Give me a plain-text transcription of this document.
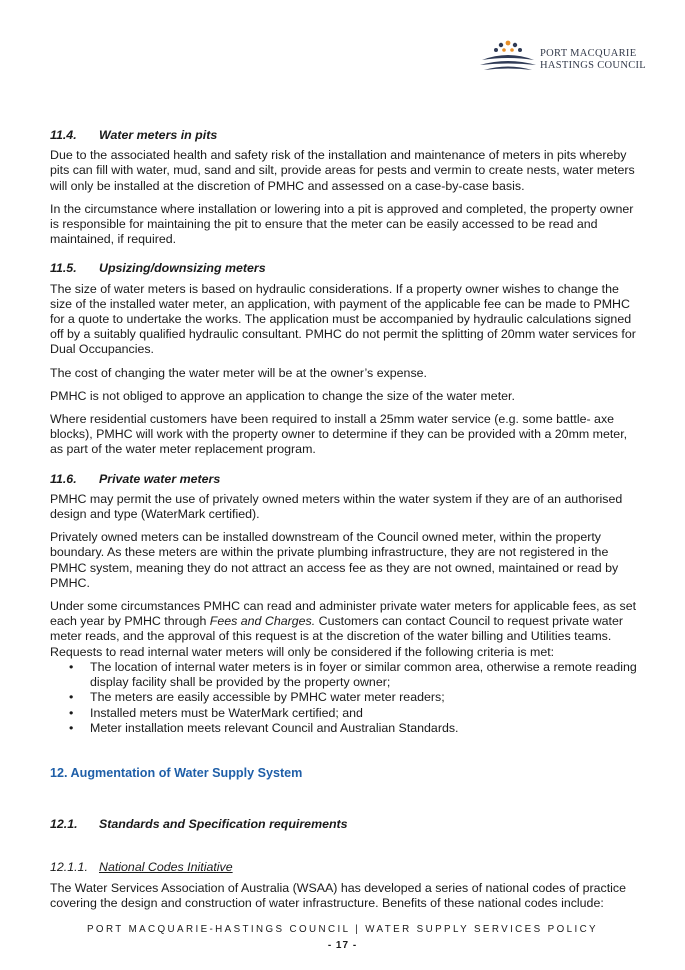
PORT MACQUARIE
HASTINGS COUNCIL
11.4.	Water meters in pits

Due to the associated health and safety risk of the installation and maintenance of meters in pits whereby pits can fill with water, mud, sand and silt, provide areas for pests and vermin to create nests, water meters will only be installed at the discretion of PMHC and assessed on a case-by-case basis.

In the circumstance where installation or lowering into a pit is approved and completed, the property owner is responsible for maintaining the pit to ensure that the meter can be easily accessed to be read and maintained, if required.

11.5.	Upsizing/downsizing meters

The size of water meters is based on hydraulic considerations. If a property owner wishes to change the size of the installed water meter, an application, with payment of the applicable fee can be made to PMHC for a quote to undertake the works. The application must be accompanied by hydraulic calculations signed off by a suitably qualified hydraulic consultant. PMHC do not permit the splitting of 20mm water services for Dual Occupancies.

The cost of changing the water meter will be at the owner’s expense.

PMHC is not obliged to approve an application to change the size of the water meter.

Where residential customers have been required to install a 25mm water service (e.g. some battle- axe blocks), PMHC will work with the property owner to determine if they can be provided with a 20mm meter, as part of the water meter replacement program.

11.6.	Private water meters

PMHC may permit the use of privately owned meters within the water system if they are of an authorised design and type (WaterMark certified).

Privately owned meters can be installed downstream of the Council owned meter, within the property boundary. As these meters are within the private plumbing infrastructure, they are not registered in the PMHC system, meaning they do not attract an access fee as they are not owned, maintained or read by PMHC.

Under some circumstances PMHC can read and administer private water meters for applicable fees, as set each year by PMHC through Fees and Charges. Customers can contact Council to request private water meter reads, and the approval of this request is at the discretion of the water billing and Utilities teams. Requests to read internal water meters will only be considered if the following criteria is met:

• The location of internal water meters is in foyer or similar common area, otherwise a remote reading display facility shall be provided by the property owner;
• The meters are easily accessible by PMHC water meter readers;
• Installed meters must be WaterMark certified; and
• Meter installation meets relevant Council and Australian Standards.
12. Augmentation of Water Supply System
12.1.	Standards and Specification requirements
12.1.1. National Codes Initiative

The Water Services Association of Australia (WSAA) has developed a series of national codes of practice covering the design and construction of water infrastructure. Benefits of these national codes include:

PORT MACQUARIE-HASTINGS COUNCIL | WATER SUPPLY SERVICES POLICY
- 17 -
